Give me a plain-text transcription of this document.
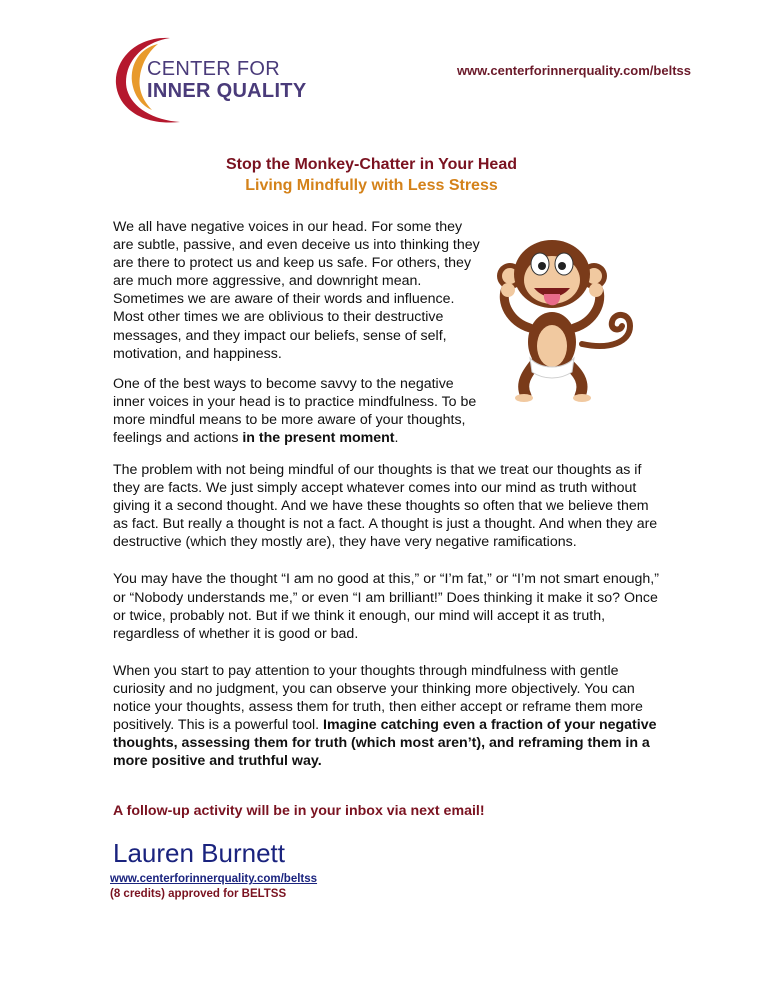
CENTER FOR
INNER QUALITY
www.centerforinnerquality.com/beltss
Stop the Monkey-Chatter in Your Head
Living Mindfully with Less Stress

We all have negative voices in our head. For some they are subtle, passive, and even deceive us into thinking they are there to protect us and keep us safe. For others, they are much more aggressive, and downright mean. Sometimes we are aware of their words and influence. Most other times we are oblivious to their destructive messages, and they impact our beliefs, sense of self, motivation, and happiness.

One of the best ways to become savvy to the negative inner voices in your head is to practice mindfulness. To be more mindful means to be more aware of your thoughts, feelings and actions in the present moment.

The problem with not being mindful of our thoughts is that we treat our thoughts as if they are facts. We just simply accept whatever comes into our mind as truth without giving it a second thought. And we have these thoughts so often that we believe them as fact. But really a thought is not a fact. A thought is just a thought. And when they are destructive (which they mostly are), they have very negative ramifications.

You may have the thought “I am no good at this,” or “I’m fat,” or “I’m not smart enough,” or “Nobody understands me,” or even “I am brilliant!” Does thinking it make it so? Once or twice, probably not. But if we think it enough, our mind will accept it as truth, regardless of whether it is good or bad.

When you start to pay attention to your thoughts through mindfulness with gentle curiosity and no judgment, you can observe your thinking more objectively. You can notice your thoughts, assess them for truth, then either accept or reframe them more positively. This is a powerful tool. Imagine catching even a fraction of your negative thoughts, assessing them for truth (which most aren’t), and reframing them in a more positive and truthful way.

A follow-up activity will be in your inbox via next email!
Lauren Burnett
www.centerforinnerquality.com/beltss
(8 credits) approved for BELTSS
